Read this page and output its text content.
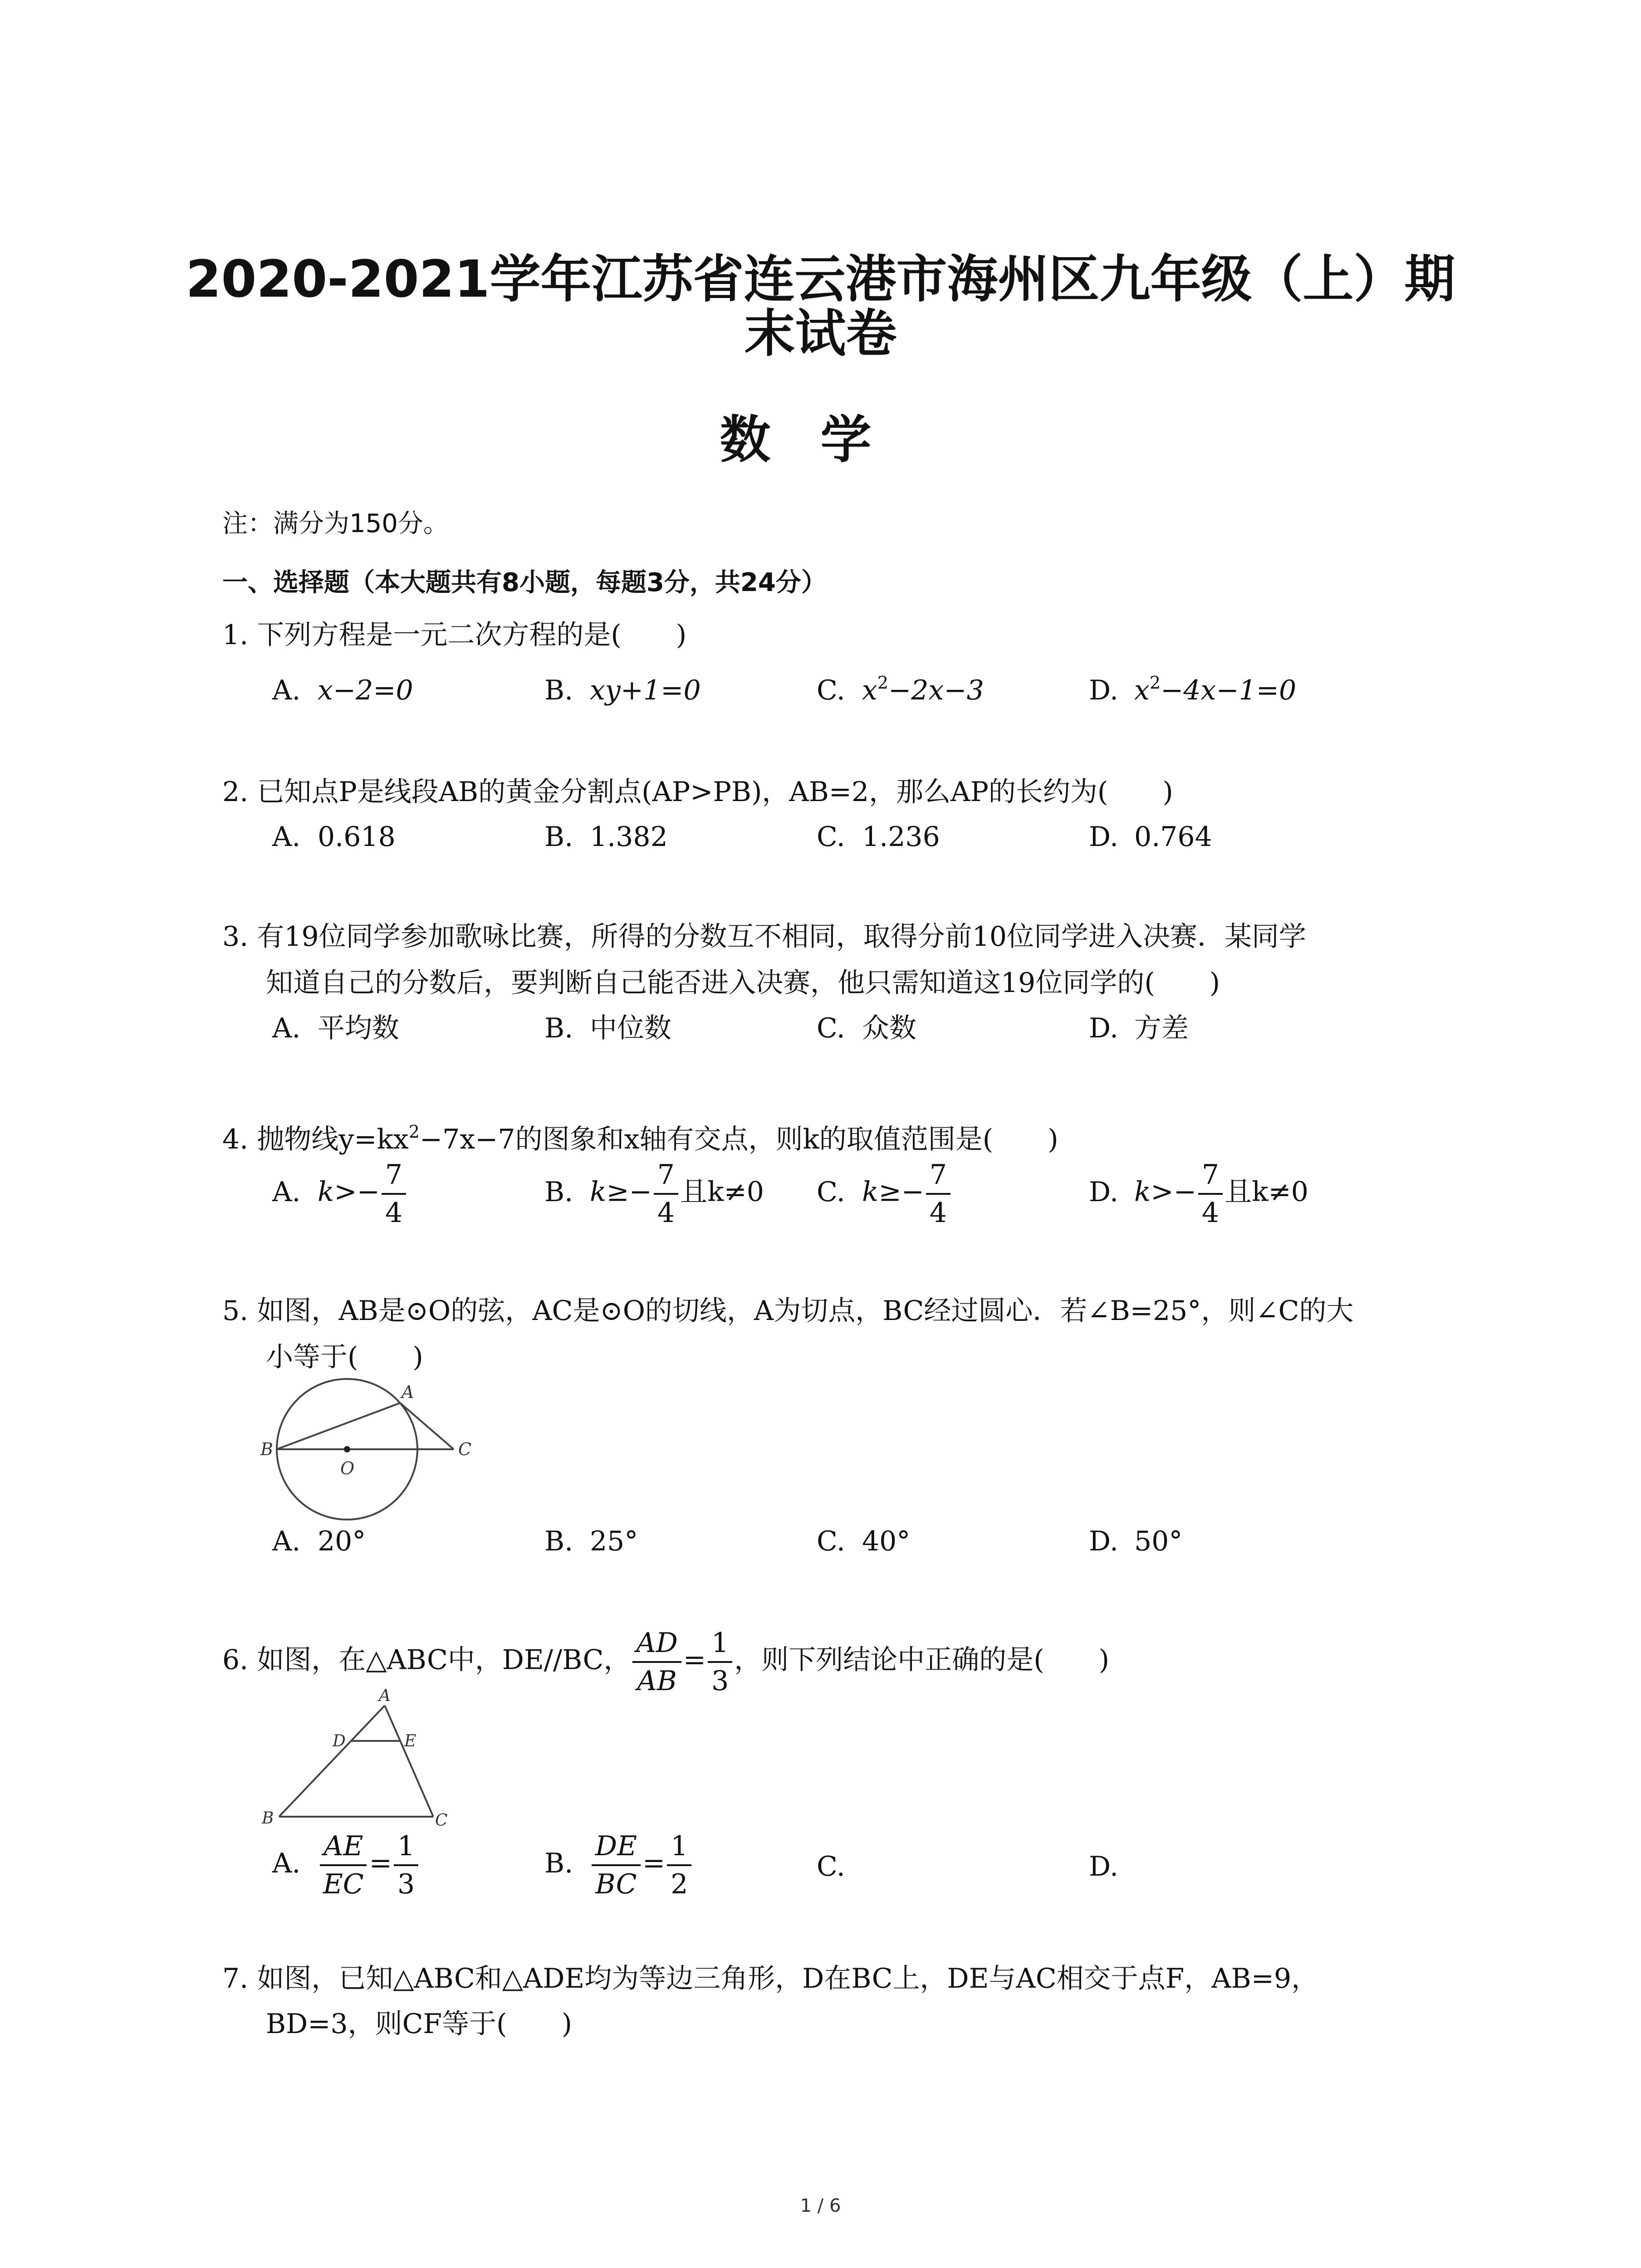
2020-2021学年江苏省连云港市海州区九年级（上）期
末试卷
数学
注：满分为150分。
一、选择题（本大题共有8小题，每题3分，共24分）
1. 下列方程是一元二次方程的是(　　)
A. x−2=0	B. xy+1=0	C. $x^2-2x-3$	D. $x^2-4x-1=0$
2. 已知点P是线段AB的黄金分割点(AP>PB)，AB=2，那么AP的长约为(　　)
A. 0.618	B. 1.382	C. 1.236	D. 0.764
3. 有19位同学参加歌咏比赛，所得的分数互不相同，取得分前10位同学进入决赛．某同学
知道自己的分数后，要判断自己能否进入决赛，他只需知道这19位同学的(　　)
A. 平均数	B. 中位数	C. 众数	D. 方差
4. 抛物线$y=kx^2-7x-7$的图象和x轴有交点，则k的取值范围是(　　)
A. $k>- \frac{7}{4}$	B. $k\ge- \frac{7}{4}$ 且k≠0 C. $k\ge- \frac{7}{4}$	D. $k>- \frac{7}{4}$ 且k≠0
5. 如图，AB是⊙O的弦，AC是⊙O的切线，A为切点，BC经过圆心．若∠B=25°，则∠C的大
小等于(　　)
A
B
O
C
A. 20°	B. 25°	C. 40°	D. 50°
6. 如图，在△ABC中，DE//BC， $\frac{AD}{AB} = \frac{1}{3}$ ，则下列结论中正确的是(　　)
A
D	E
B	C
A. $\frac{AE}{EC} = \frac{1}{3}$	B. $\frac{DE}{BC} = \frac{1}{2}$	C.	D.
7. 如图，已知△ABC和△ADE均为等边三角形，D在BC上，DE与AC相交于点F，AB=9，
BD=3，则CF等于(　　)
1 / 6
